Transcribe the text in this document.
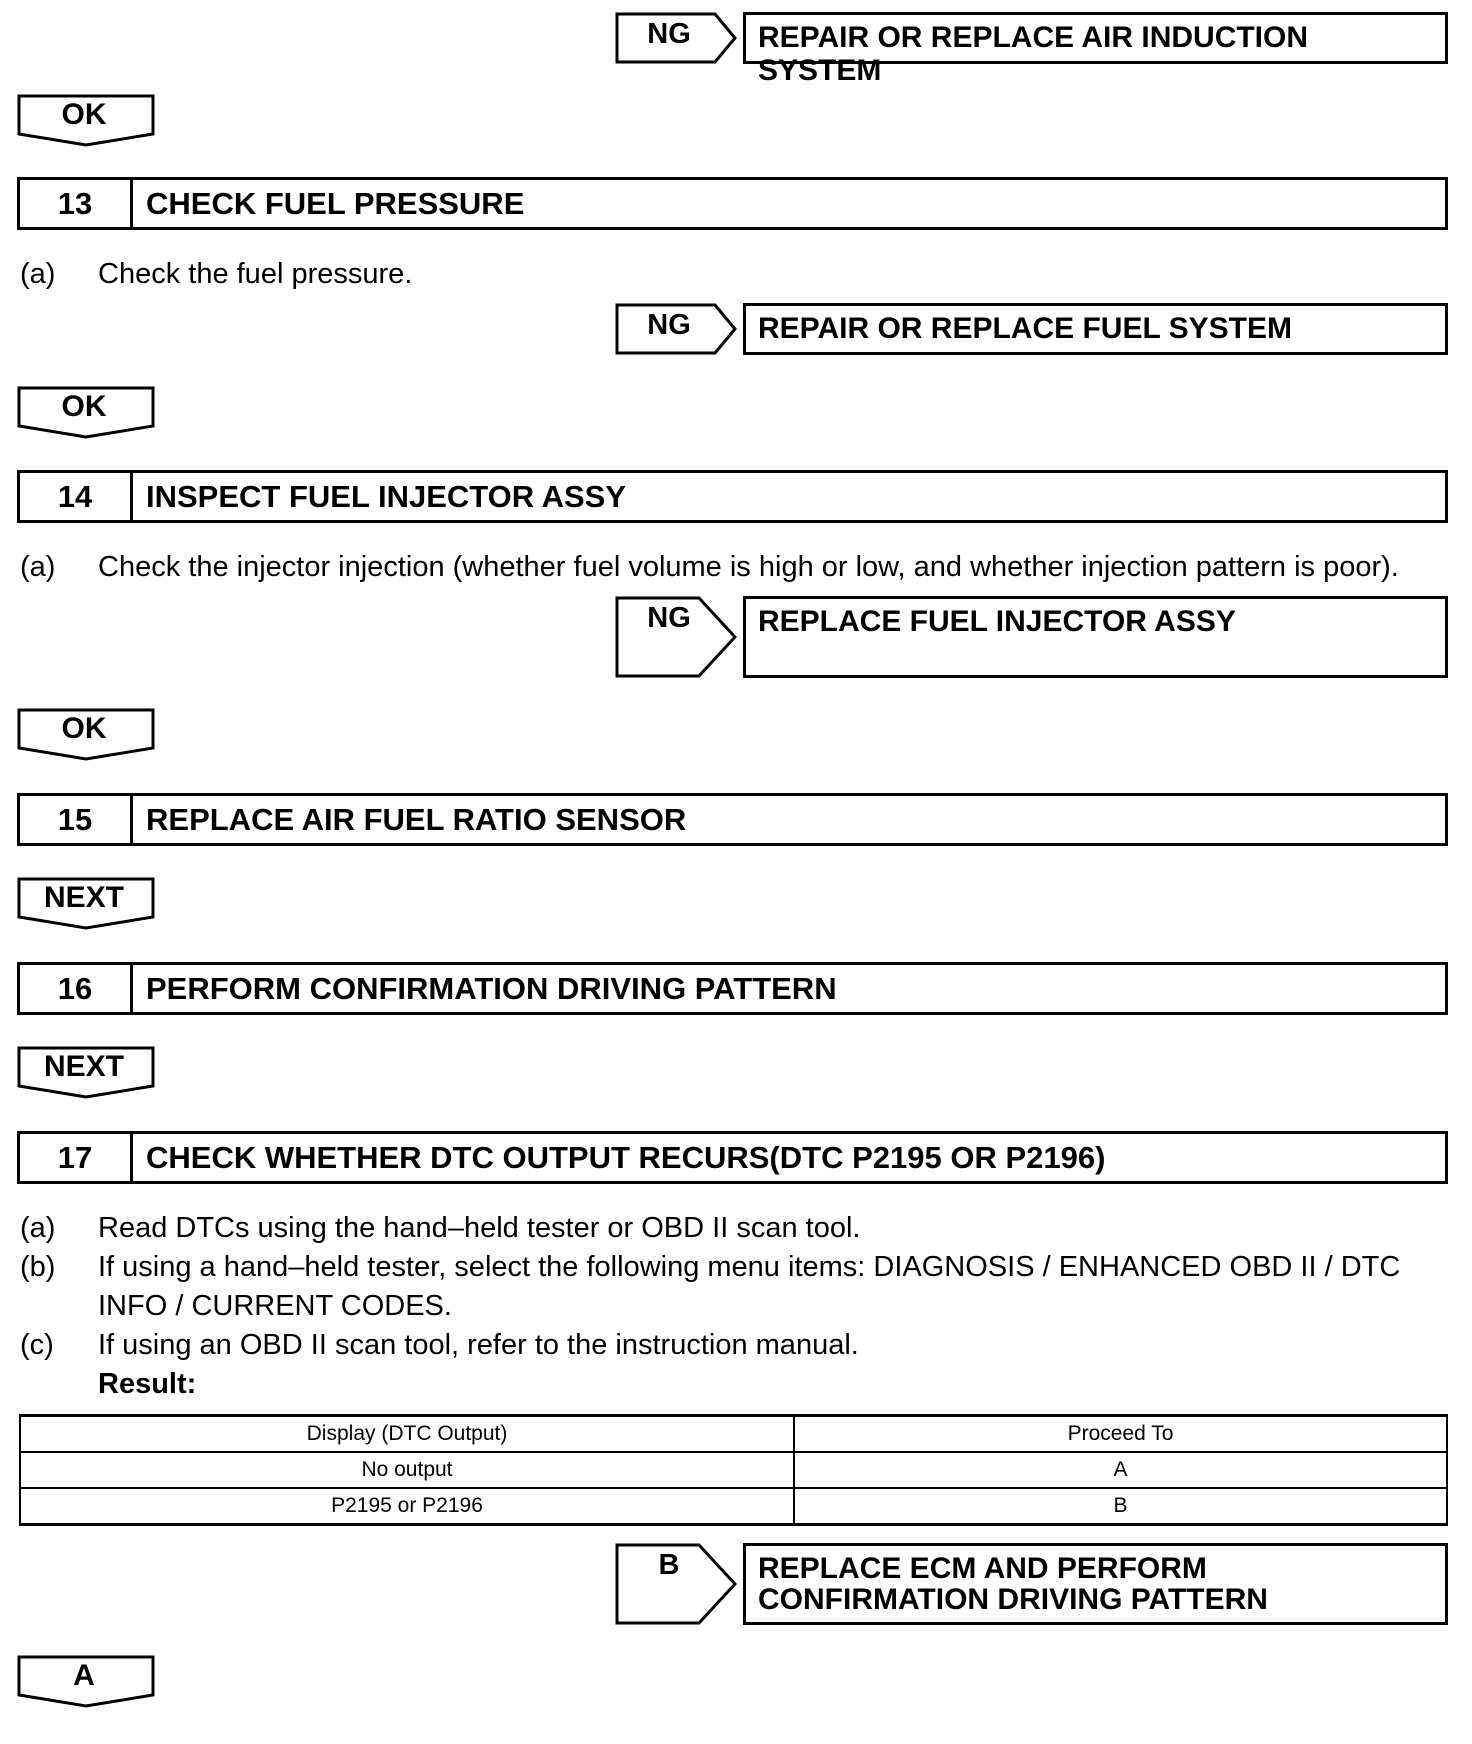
NG	REPAIR OR REPLACE AIR INDUCTION SYSTEM
OK
13	CHECK FUEL PRESSURE
(a)	Check the fuel pressure.
NG	REPAIR OR REPLACE FUEL SYSTEM
OK
14	INSPECT FUEL INJECTOR ASSY
(a)	Check the injector injection (whether fuel volume is high or low, and whether injection pattern is poor).
NG	REPLACE FUEL INJECTOR ASSY
OK
15	REPLACE AIR FUEL RATIO SENSOR
NEXT
16	PERFORM CONFIRMATION DRIVING PATTERN
NEXT
17	CHECK WHETHER DTC OUTPUT RECURS(DTC P2195 OR P2196)
(a)	Read DTCs using the hand–held tester or OBD II scan tool.
(b)	If using a hand–held tester, select the following menu items: DIAGNOSIS / ENHANCED OBD II / DTC INFO / CURRENT CODES.
(c)	If using an OBD II scan tool, refer to the instruction manual.
Result:
Display (DTC Output)	Proceed To
No output	A
P2195 or P2196	B
B	REPLACE ECM AND PERFORM
CONFIRMATION DRIVING PATTERN
A
